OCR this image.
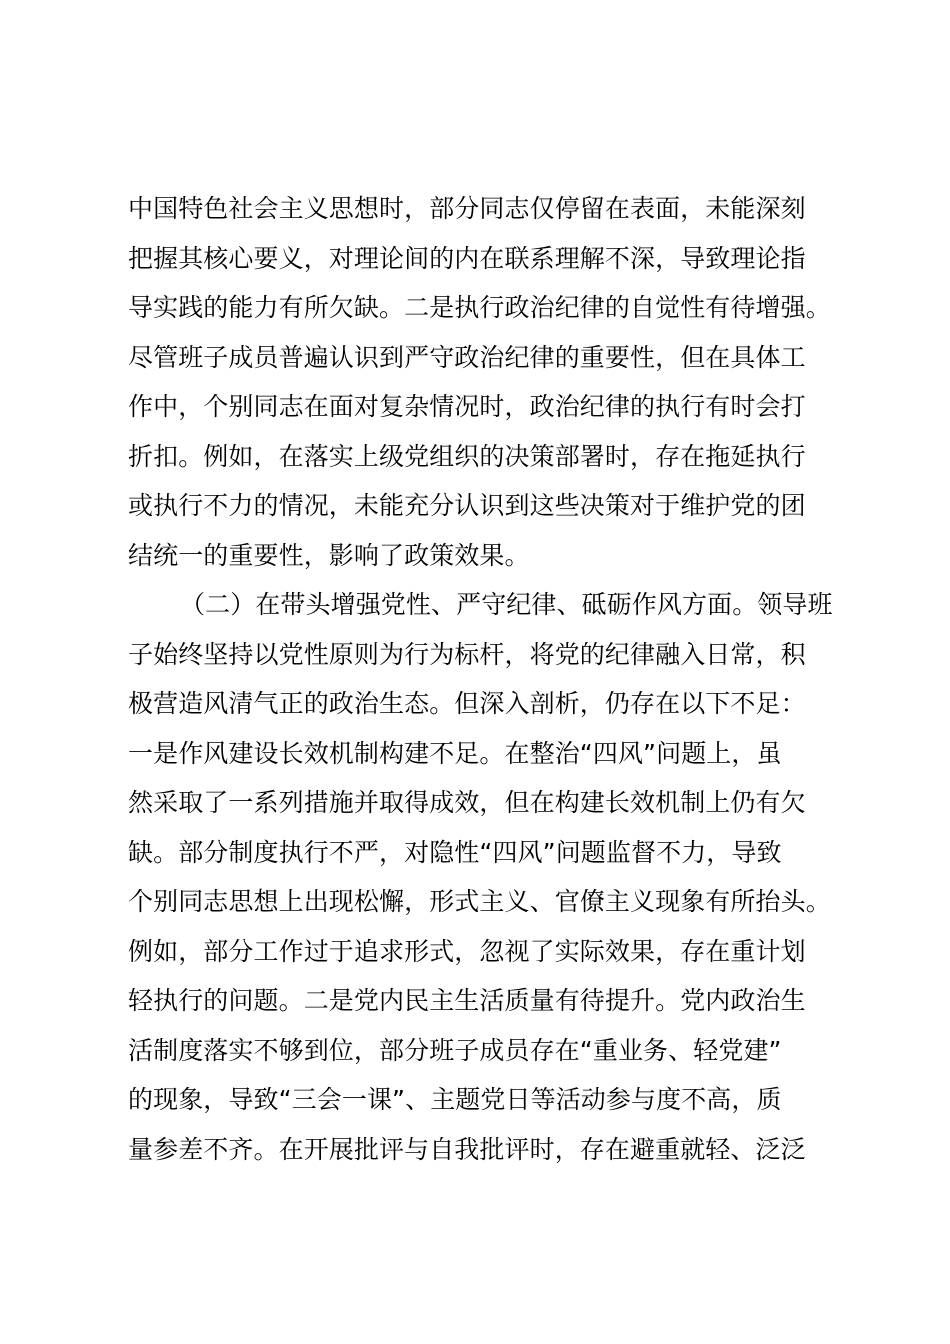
中国特色社会主义思想时，部分同志仅停留在表面，未能深刻
把握其核心要义，对理论间的内在联系理解不深，导致理论指
导实践的能力有所欠缺。二是执行政治纪律的自觉性有待增强。
尽管班子成员普遍认识到严守政治纪律的重要性，但在具体工
作中，个别同志在面对复杂情况时，政治纪律的执行有时会打
折扣。例如，在落实上级党组织的决策部署时，存在拖延执行
或执行不力的情况，未能充分认识到这些决策对于维护党的团
结统一的重要性，影响了政策效果。
（二）在带头增强党性、严守纪律、砥砺作风方面。领导班
子始终坚持以党性原则为行为标杆，将党的纪律融入日常，积
极营造风清气正的政治生态。但深入剖析，仍存在以下不足：
一是作风建设长效机制构建不足。在整治“四风”问题上，虽
然采取了一系列措施并取得成效，但在构建长效机制上仍有欠
缺。部分制度执行不严，对隐性“四风”问题监督不力，导致
个别同志思想上出现松懈，形式主义、官僚主义现象有所抬头。
例如，部分工作过于追求形式，忽视了实际效果，存在重计划
轻执行的问题。二是党内民主生活质量有待提升。党内政治生
活制度落实不够到位，部分班子成员存在“重业务、轻党建”
的现象，导致“三会一课”、主题党日等活动参与度不高，质
量参差不齐。在开展批评与自我批评时，存在避重就轻、泛泛
